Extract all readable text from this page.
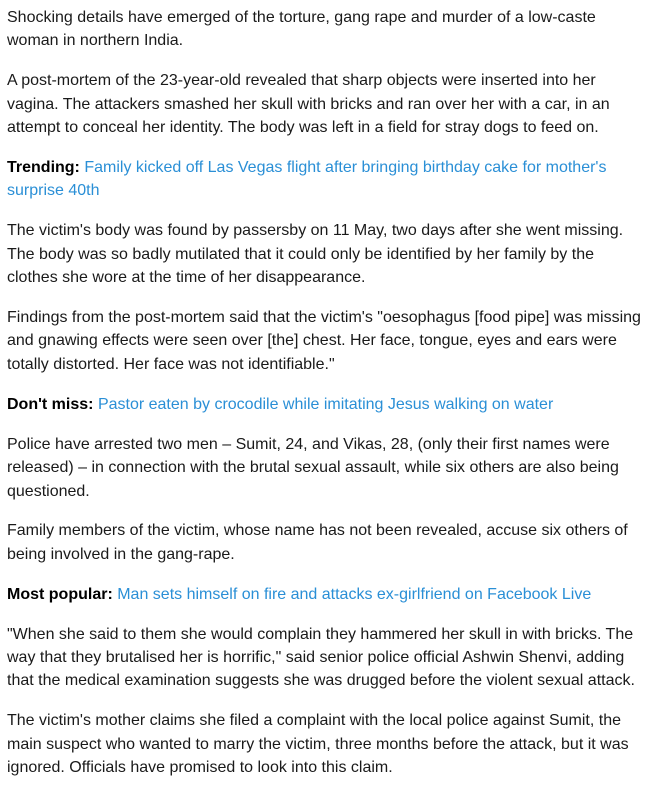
Shocking details have emerged of the torture, gang rape and murder of a low-caste woman in northern India.

A post-mortem of the 23-year-old revealed that sharp objects were inserted into her vagina. The attackers smashed her skull with bricks and ran over her with a car, in an attempt to conceal her identity. The body was left in a field for stray dogs to feed on.

Trending: Family kicked off Las Vegas flight after bringing birthday cake for mother's surprise 40th

The victim's body was found by passersby on 11 May, two days after she went missing. The body was so badly mutilated that it could only be identified by her family by the clothes she wore at the time of her disappearance.

Findings from the post-mortem said that the victim's "oesophagus [food pipe] was missing and gnawing effects were seen over [the] chest. Her face, tongue, eyes and ears were totally distorted. Her face was not identifiable."

Don't miss: Pastor eaten by crocodile while imitating Jesus walking on water

Police have arrested two men – Sumit, 24, and Vikas, 28, (only their first names were released) – in connection with the brutal sexual assault, while six others are also being questioned.

Family members of the victim, whose name has not been revealed, accuse six others of being involved in the gang-rape.

Most popular: Man sets himself on fire and attacks ex-girlfriend on Facebook Live

"When she said to them she would complain they hammered her skull in with bricks. The way that they brutalised her is horrific," said senior police official Ashwin Shenvi, adding that the medical examination suggests she was drugged before the violent sexual attack.

The victim's mother claims she filed a complaint with the local police against Sumit, the main suspect who wanted to marry the victim, three months before the attack, but it was ignored. Officials have promised to look into this claim.
